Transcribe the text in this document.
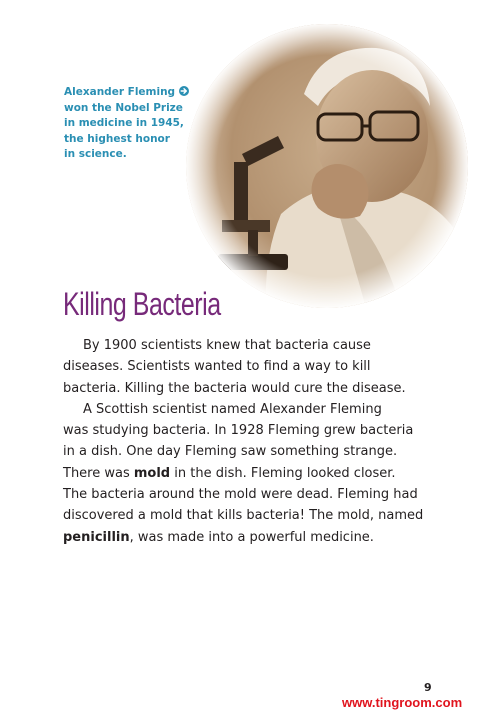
Alexander Fleming
won the Nobel Prize
in medicine in 1945,
the highest honor
in science.
Killing Bacteria
By 1900 scientists knew that bacteria cause
diseases. Scientists wanted to find a way to kill
bacteria. Killing the bacteria would cure the disease.
A Scottish scientist named Alexander Fleming
was studying bacteria. In 1928 Fleming grew bacteria
in a dish. One day Fleming saw something strange.
There was mold in the dish. Fleming looked closer.
The bacteria around the mold were dead. Fleming had
discovered a mold that kills bacteria! The mold, named
penicillin, was made into a powerful medicine.
9
www.tingroom.com
